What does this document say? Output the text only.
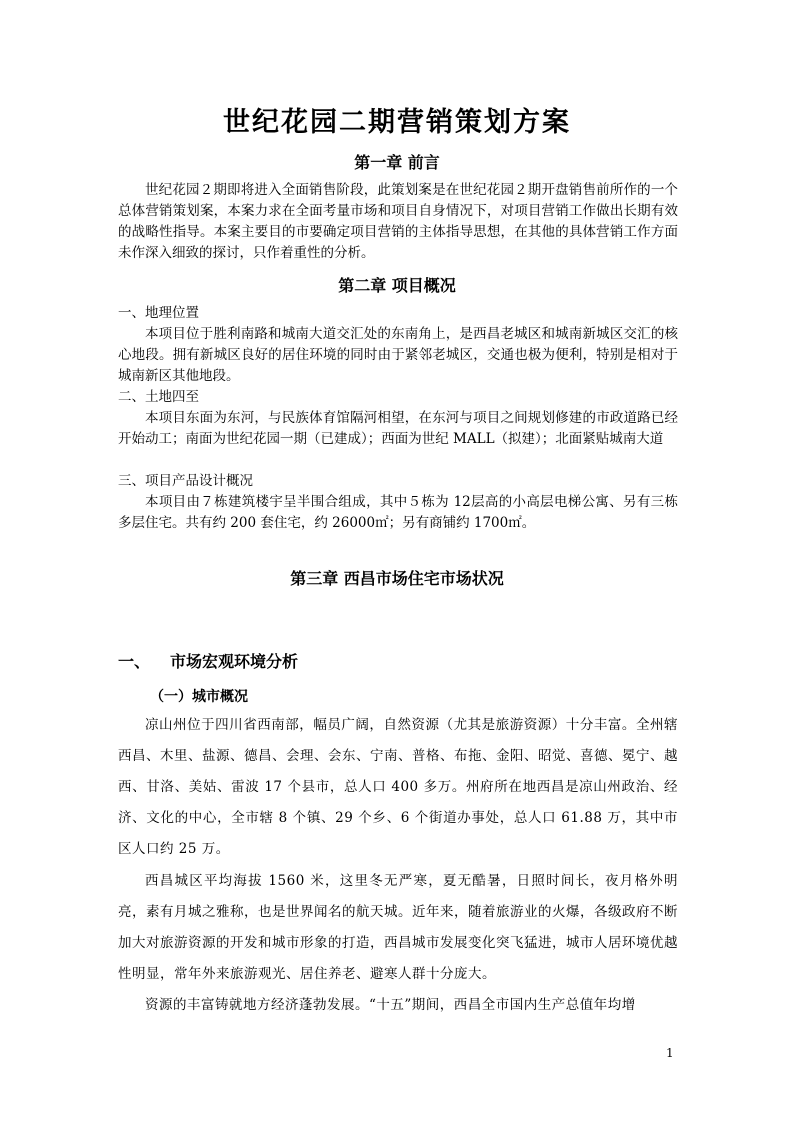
世纪花园二期营销策划方案
第一章 前言

世纪花园２期即将进入全面销售阶段，此策划案是在世纪花园２期开盘销售前所作的一个总体营销策划案，本案力求在全面考量市场和项目自身情况下，对项目营销工作做出长期有效的战略性指导。本案主要目的市要确定项目营销的主体指导思想，在其他的具体营销工作方面未作深入细致的探讨，只作着重性的分析。

第二章 项目概况

一、地理位置

本项目位于胜利南路和城南大道交汇处的东南角上，是西昌老城区和城南新城区交汇的核心地段。拥有新城区良好的居住环境的同时由于紧邻老城区，交通也极为便利，特别是相对于城南新区其他地段。

二、土地四至

本项目东面为东河，与民族体育馆隔河相望，在东河与项目之间规划修建的市政道路已经开始动工；南面为世纪花园一期（已建成）；西面为世纪 MALL（拟建）；北面紧贴城南大道

三、项目产品设计概况

本项目由７栋建筑楼宇呈半围合组成，其中５栋为 12层高的小高层电梯公寓、另有三栋多层住宅。共有约 200 套住宅，约 26000㎡；另有商铺约 1700㎡。

第三章 西昌市场住宅市场状况
一、 市场宏观环境分析
（一）城市概况

凉山州位于四川省西南部，幅员广阔，自然资源（尤其是旅游资源）十分丰富。全州辖西昌、木里、盐源、德昌、会理、会东、宁南、普格、布拖、金阳、昭觉、喜德、冕宁、越西、甘洛、美姑、雷波 17 个县市，总人口 400 多万。州府所在地西昌是凉山州政治、经济、文化的中心，全市辖 8 个镇、29 个乡、6 个街道办事处，总人口 61.88 万，其中市区人口约 25 万。

西昌城区平均海拔 1560 米，这里冬无严寒，夏无酷暑，日照时间长，夜月格外明亮，素有月城之雅称，也是世界闻名的航天城。近年来，随着旅游业的火爆，各级政府不断加大对旅游资源的开发和城市形象的打造，西昌城市发展变化突飞猛进，城市人居环境优越性明显，常年外来旅游观光、居住养老、避寒人群十分庞大。

资源的丰富铸就地方经济蓬勃发展。“十五”期间，西昌全市国内生产总值年均增

1
